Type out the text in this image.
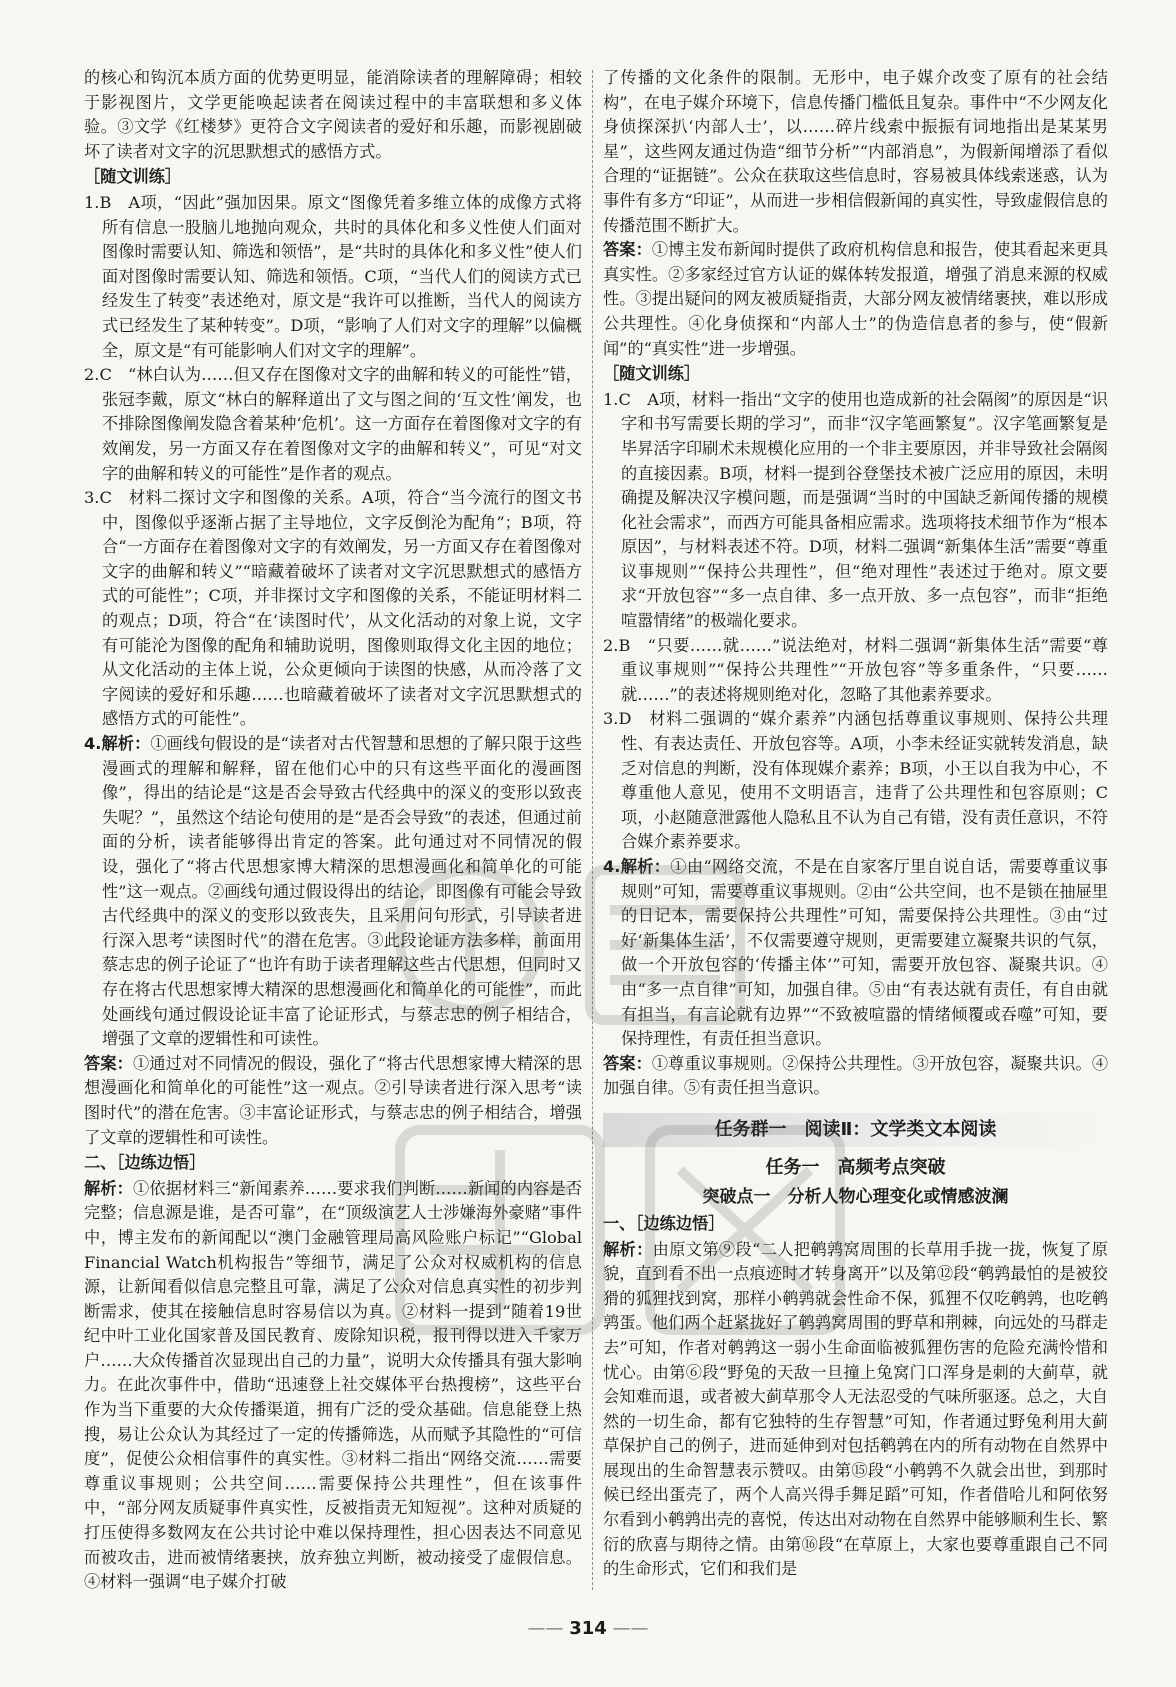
的核心和钩沉本质方面的优势更明显，能消除读者的理解障碍；相较于影视图片，文学更能唤起读者在阅读过程中的丰富联想和多义体验。③文学《红楼梦》更符合文字阅读者的爱好和乐趣，而影视剧破坏了读者对文字的沉思默想式的感悟方式。

［随文训练］

1.B　A项，“因此”强加因果。原文“图像凭着多维立体的成像方式将所有信息一股脑儿地抛向观众，共时的具体化和多义性使人们面对图像时需要认知、筛选和领悟”，是“共时的具体化和多义性”使人们面对图像时需要认知、筛选和领悟。C项，“当代人们的阅读方式已经发生了转变”表述绝对，原文是“我许可以推断，当代人的阅读方式已经发生了某种转变”。D项，“影响了人们对文字的理解”以偏概全，原文是“有可能影响人们对文字的理解”。

2.C　“林白认为……但又存在图像对文字的曲解和转义的可能性”错，张冠李戴，原文“林白的解释道出了文与图之间的‘互文性’阐发，也不排除图像阐发隐含着某种‘危机’。这一方面存在着图像对文字的有效阐发，另一方面又存在着图像对文字的曲解和转义”，可见“对文字的曲解和转义的可能性”是作者的观点。

3.C　材料二探讨文字和图像的关系。A项，符合“当今流行的图文书中，图像似乎逐渐占据了主导地位，文字反倒沦为配角”；B项，符合“一方面存在着图像对文字的有效阐发，另一方面又存在着图像对文字的曲解和转义”“暗藏着破坏了读者对文字沉思默想式的感悟方式的可能性”；C项，并非探讨文字和图像的关系，不能证明材料二的观点；D项，符合“在‘读图时代’，从文化活动的对象上说，文字有可能沦为图像的配角和辅助说明，图像则取得文化主因的地位；从文化活动的主体上说，公众更倾向于读图的快感，从而冷落了文字阅读的爱好和乐趣……也暗藏着破坏了读者对文字沉思默想式的感悟方式的可能性”。

4.解析：①画线句假设的是“读者对古代智慧和思想的了解只限于这些漫画式的理解和解释，留在他们心中的只有这些平面化的漫画图像”，得出的结论是“这是否会导致古代经典中的深义的变形以致丧失呢？”，虽然这个结论句使用的是“是否会导致”的表述，但通过前面的分析，读者能够得出肯定的答案。此句通过对不同情况的假设，强化了“将古代思想家博大精深的思想漫画化和简单化的可能性”这一观点。②画线句通过假设得出的结论，即图像有可能会导致古代经典中的深义的变形以致丧失，且采用问句形式，引导读者进行深入思考“读图时代”的潜在危害。③此段论证方法多样，前面用蔡志忠的例子论证了“也许有助于读者理解这些古代思想，但同时又存在将古代思想家博大精深的思想漫画化和简单化的可能性”，而此处画线句通过假设论证丰富了论证形式，与蔡志忠的例子相结合，增强了文章的逻辑性和可读性。

答案：①通过对不同情况的假设，强化了“将古代思想家博大精深的思想漫画化和简单化的可能性”这一观点。②引导读者进行深入思考“读图时代”的潜在危害。③丰富论证形式，与蔡志忠的例子相结合，增强了文章的逻辑性和可读性。

二、［边练边悟］

解析：①依据材料三“新闻素养……要求我们判断……新闻的内容是否完整；信息源是谁，是否可靠”，在“顶级演艺人士涉嫌海外豪赌”事件中，博主发布的新闻配以“澳门金融管理局高风险账户标记”“Global Financial Watch机构报告”等细节，满足了公众对权威机构的信息源，让新闻看似信息完整且可靠，满足了公众对信息真实性的初步判断需求，使其在接触信息时容易信以为真。②材料一提到“随着19世纪中叶工业化国家普及国民教育、废除知识税，报刊得以进入千家万户……大众传播首次显现出自己的力量”，说明大众传播具有强大影响力。在此次事件中，借助“迅速登上社交媒体平台热搜榜”，这些平台作为当下重要的大众传播渠道，拥有广泛的受众基础。信息能登上热搜，易让公众认为其经过了一定的传播筛选，从而赋予其隐性的“可信度”，促使公众相信事件的真实性。③材料二指出“网络交流……需要尊重议事规则；公共空间……需要保持公共理性”，但在该事件中，“部分网友质疑事件真实性，反被指责无知短视”。这种对质疑的打压使得多数网友在公共讨论中难以保持理性，担心因表达不同意见而被攻击，进而被情绪裹挟，放弃独立判断，被动接受了虚假信息。④材料一强调“电子媒介打破

了传播的文化条件的限制。无形中，电子媒介改变了原有的社会结构”，在电子媒介环境下，信息传播门槛低且复杂。事件中“不少网友化身侦探深扒‘内部人士’，以……碎片线索中振振有词地指出是某某男星”，这些网友通过伪造“细节分析”“内部消息”，为假新闻增添了看似合理的“证据链”。公众在获取这些信息时，容易被具体线索迷惑，认为事件有多方“印证”，从而进一步相信假新闻的真实性，导致虚假信息的传播范围不断扩大。

答案：①博主发布新闻时提供了政府机构信息和报告，使其看起来更具真实性。②多家经过官方认证的媒体转发报道，增强了消息来源的权威性。③提出疑问的网友被质疑指责，大部分网友被情绪裹挟，难以形成公共理性。④化身侦探和“内部人士”的伪造信息者的参与，使“假新闻”的“真实性”进一步增强。

［随文训练］

1.C　A项，材料一指出“文字的使用也造成新的社会隔阂”的原因是“识字和书写需要长期的学习”，而非“汉字笔画繁复”。汉字笔画繁复是毕昇活字印刷术未规模化应用的一个非主要原因，并非导致社会隔阂的直接因素。B项，材料一提到谷登堡技术被广泛应用的原因，未明确提及解决汉字模问题，而是强调“当时的中国缺乏新闻传播的规模化社会需求”，而西方可能具备相应需求。选项将技术细节作为“根本原因”，与材料表述不符。D项，材料二强调“新集体生活”需要“尊重议事规则”“保持公共理性”，但“绝对理性”表述过于绝对。原文要求“开放包容”“多一点自律、多一点开放、多一点包容”，而非“拒绝喧嚣情绪”的极端化要求。

2.B　“只要……就……”说法绝对，材料二强调“新集体生活”需要“尊重议事规则”“保持公共理性”“开放包容”等多重条件，“只要……就……”的表述将规则绝对化，忽略了其他素养要求。

3.D　材料二强调的“媒介素养”内涵包括尊重议事规则、保持公共理性、有表达责任、开放包容等。A项，小李未经证实就转发消息，缺乏对信息的判断，没有体现媒介素养；B项，小王以自我为中心，不尊重他人意见，使用不文明语言，违背了公共理性和包容原则；C项，小赵随意泄露他人隐私且不认为自己有错，没有责任意识，不符合媒介素养要求。

4.解析：①由“网络交流，不是在自家客厅里自说自话，需要尊重议事规则”可知，需要尊重议事规则。②由“公共空间，也不是锁在抽屉里的日记本，需要保持公共理性”可知，需要保持公共理性。③由“过好‘新集体生活’，不仅需要遵守规则，更需要建立凝聚共识的气氛，做一个开放包容的‘传播主体’”可知，需要开放包容、凝聚共识。④由“多一点自律”可知，加强自律。⑤由“有表达就有责任，有自由就有担当，有言论就有边界”“不致被喧嚣的情绪倾覆或吞噬”可知，要保持理性，有责任担当意识。

答案：①尊重议事规则。②保持公共理性。③开放包容，凝聚共识。④加强自律。⑤有责任担当意识。

任务群一　阅读Ⅱ：文学类文本阅读
任务一　高频考点突破
突破点一　分析人物心理变化或情感波澜

一、［边练边悟］

解析：由原文第⑨段“二人把鹌鹑窝周围的长草用手拢一拢，恢复了原貌，直到看不出一点痕迹时才转身离开”以及第⑫段“鹌鹑最怕的是被狡猾的狐狸找到窝，那样小鹌鹑就会性命不保，狐狸不仅吃鹌鹑，也吃鹌鹑蛋。他们两个赶紧拢好了鹌鹑窝周围的野草和荆棘，向远处的马群走去”可知，作者对鹌鹑这一弱小生命面临被狐狸伤害的危险充满怜惜和忧心。由第⑥段“野兔的天敌一旦撞上兔窝门口浑身是刺的大蓟草，就会知难而退，或者被大蓟草那令人无法忍受的气味所驱逐。总之，大自然的一切生命，都有它独特的生存智慧”可知，作者通过野兔利用大蓟草保护自己的例子，进而延伸到对包括鹌鹑在内的所有动物在自然界中展现出的生命智慧表示赞叹。由第⑮段“小鹌鹑不久就会出世，到那时候已经出蛋壳了，两个人高兴得手舞足蹈”可知，作者借哈儿和阿依努尔看到小鹌鹑出壳的喜悦，传达出对动物在自然界中能够顺利生长、繁衍的欣喜与期待之情。由第⑯段“在草原上，大家也要尊重跟自己不同的生命形式，它们和我们是

—— 314 ——
